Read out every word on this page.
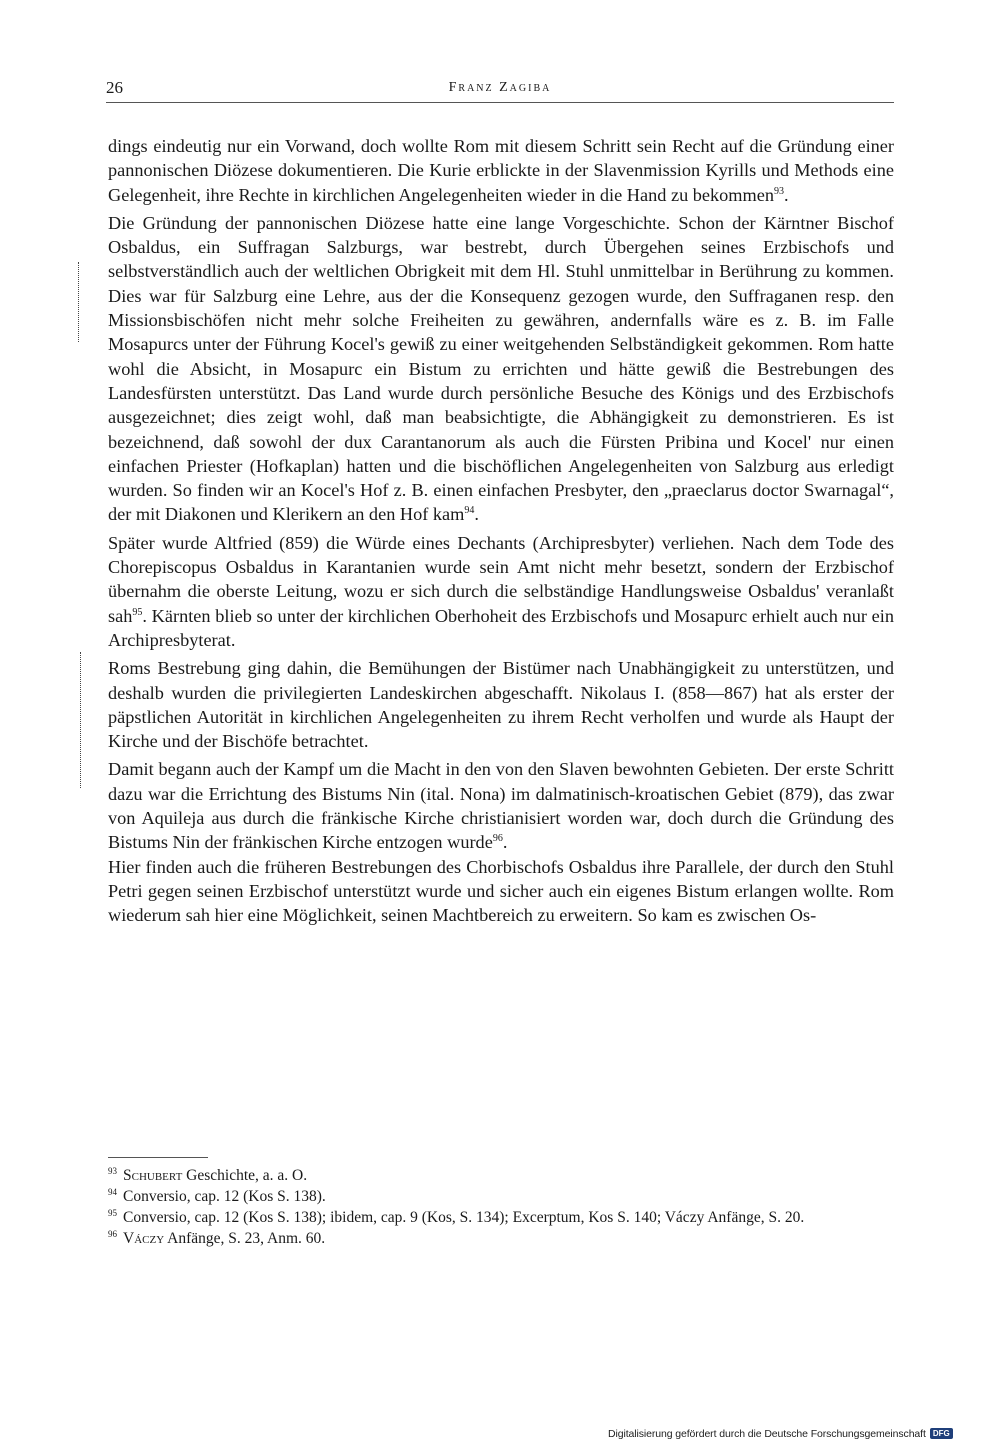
26	Franz Zagiba

dings eindeutig nur ein Vorwand, doch wollte Rom mit diesem Schritt sein Recht auf die Gründung einer pannonischen Diözese dokumentieren. Die Kurie erblickte in der Slavenmission Kyrills und Methods eine Gelegenheit, ihre Rechte in kirchlichen Angelegenheiten wieder in die Hand zu bekommen$^{93}$.

Die Gründung der pannonischen Diözese hatte eine lange Vorgeschichte. Schon der Kärntner Bischof Osbaldus, ein Suffragan Salzburgs, war bestrebt, durch Übergehen seines Erzbischofs und selbstverständlich auch der weltlichen Obrigkeit mit dem Hl. Stuhl unmittelbar in Berührung zu kommen. Dies war für Salzburg eine Lehre, aus der die Konsequenz gezogen wurde, den Suffraganen resp. den Missionsbischöfen nicht mehr solche Freiheiten zu gewähren, andernfalls wäre es z. B. im Falle Mosapurcs unter der Führung Kocel's gewiß zu einer weitgehenden Selbständigkeit gekommen. Rom hatte wohl die Absicht, in Mosapurc ein Bistum zu errichten und hätte gewiß die Bestrebungen des Landesfürsten unterstützt. Das Land wurde durch persönliche Besuche des Königs und des Erzbischofs ausgezeichnet; dies zeigt wohl, daß man beabsichtigte, die Abhängigkeit zu demonstrieren. Es ist bezeichnend, daß sowohl der dux Carantanorum als auch die Fürsten Pribina und Kocel' nur einen einfachen Priester (Hofkaplan) hatten und die bischöflichen Angelegenheiten von Salzburg aus erledigt wurden. So finden wir an Kocel's Hof z. B. einen einfachen Presbyter, den „praeclarus doctor Swarnagal“, der mit Diakonen und Klerikern an den Hof kam$^{94}$.

Später wurde Altfried (859) die Würde eines Dechants (Archipresbyter) verliehen. Nach dem Tode des Chorepiscopus Osbaldus in Karantanien wurde sein Amt nicht mehr besetzt, sondern der Erzbischof übernahm die oberste Leitung, wozu er sich durch die selbständige Handlungsweise Osbaldus' veranlaßt sah$^{95}$. Kärnten blieb so unter der kirchlichen Oberhoheit des Erzbischofs und Mosapurc erhielt auch nur ein Archipresbyterat.

Roms Bestrebung ging dahin, die Bemühungen der Bistümer nach Unabhängigkeit zu unterstützen, und deshalb wurden die privilegierten Landeskirchen abgeschafft. Nikolaus I. (858—867) hat als erster der päpstlichen Autorität in kirchlichen Angelegenheiten zu ihrem Recht verholfen und wurde als Haupt der Kirche und der Bischöfe betrachtet.

Damit begann auch der Kampf um die Macht in den von den Slaven bewohnten Gebieten. Der erste Schritt dazu war die Errichtung des Bistums Nin (ital. Nona) im dalmatinisch-kroatischen Gebiet (879), das zwar von Aquileja aus durch die fränkische Kirche christianisiert worden war, doch durch die Gründung des Bistums Nin der fränkischen Kirche entzogen wurde$^{96}$.

Hier finden auch die früheren Bestrebungen des Chorbischofs Osbaldus ihre Parallele, der durch den Stuhl Petri gegen seinen Erzbischof unterstützt wurde und sicher auch ein eigenes Bistum erlangen wollte. Rom wiederum sah hier eine Möglichkeit, seinen Machtbereich zu erweitern. So kam es zwischen Os-

$^{93}$ Schubert Geschichte, a. a. O.

$^{94}$ Conversio, cap. 12 (Kos S. 138).

$^{95}$ Conversio, cap. 12 (Kos S. 138); ibidem, cap. 9 (Kos, S. 134); Excerptum, Kos S. 140; Váczy Anfänge, S. 20.

$^{96}$ Váczy Anfänge, S. 23, Anm. 60.

Digitalisierung gefördert durch die Deutsche Forschungsgemeinschaft DFG
